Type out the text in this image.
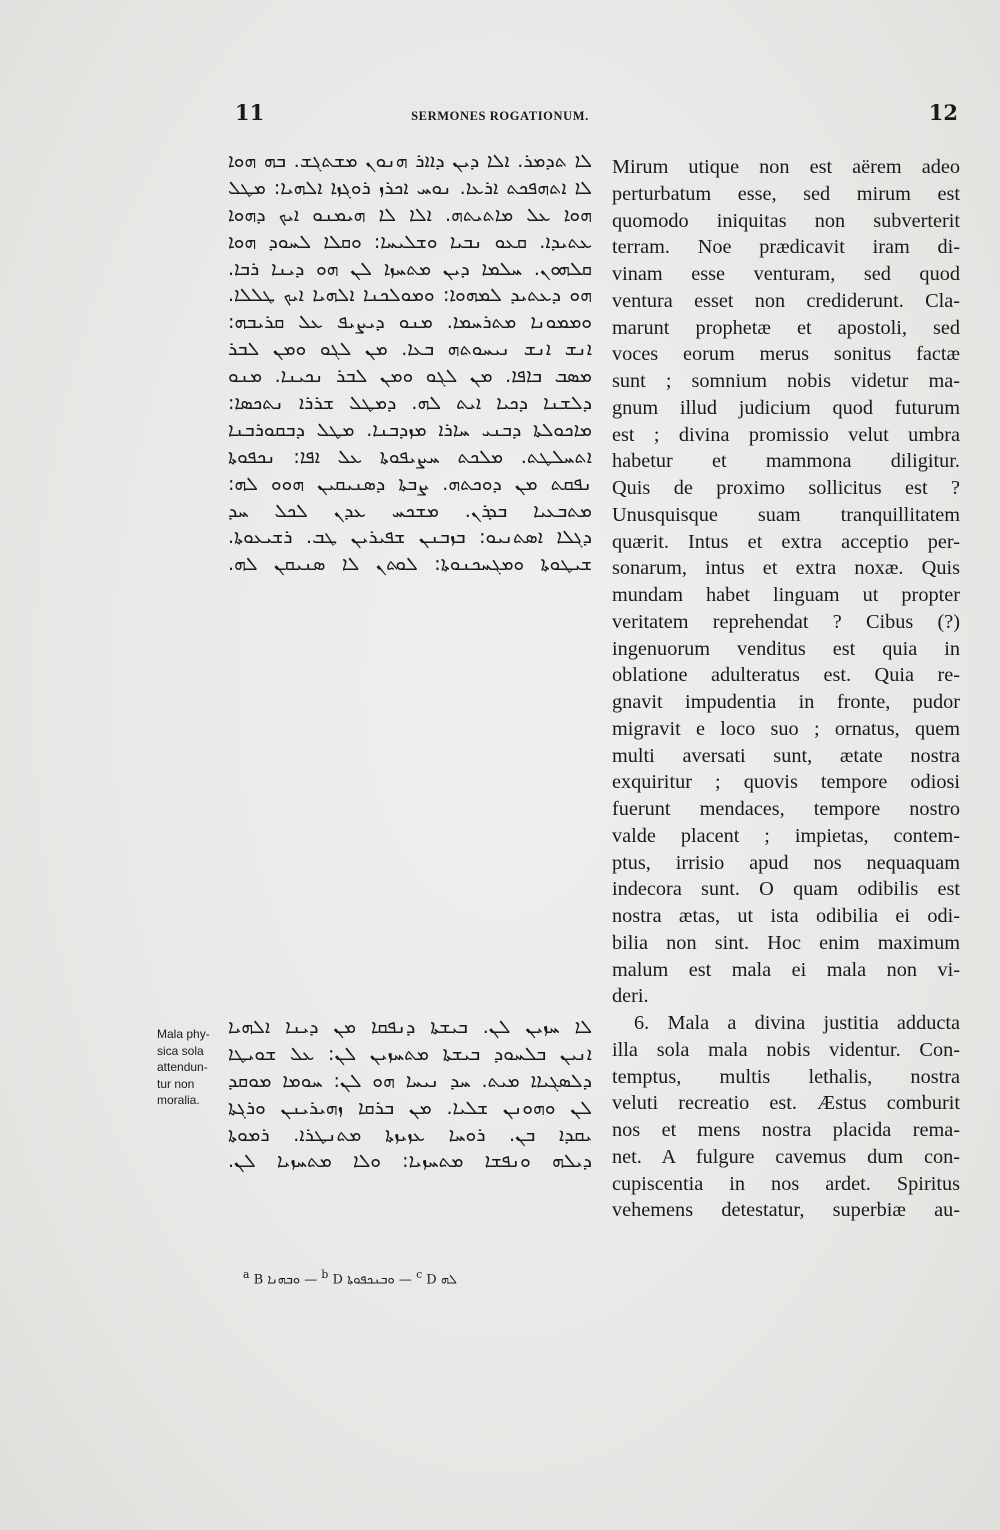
11	SERMONES ROGATIONUM.	12
ܠܐ ܬܕܡܪ. ܐܠܐ ܕܝܢ ܕܐܐܪ ܗܢܘܢ ܡܫܬܓܫ. ܒܗ ܗܘܐ
ܠܐ ܐܬܗܦܟܬ ܐܪܥܐ. ܢܘܚ ܐܟܪܙ ܪܘܓܙܐ ܐܠܗܝܐ: ܡܛܠ
ܗܘܐ ܥܠ ܡܐܬܝܬܗ. ܐܠܐ ܠܐ ܗܝܡܢܘ ܐܝܟ ܕܗܘܐ
ܥܬܝܕܐ. ܩܥܘ ܢܒܝܐ ܘܫܠܝܚܐ: ܘܩܠܐ ܠܚܘܕ ܗܘܐ
ܩܠܗܘܢ. ܚܠܡܐ ܕܝܢ ܡܬܚܙܐ ܠܢ ܗܘ ܕܝܢܐ ܪܒܐ.
ܗܘ ܕܥܬܝܕ ܠܡܗܘܐ: ܘܡܘܠܟܢܐ ܐܠܗܝܐ ܐܝܟ ܛܠܠܐ.
ܘܡܡܘܢܐ ܡܬܪܚܡܐ. ܡܢܘ ܕܝܨܝܦ ܥܠ ܩܪܝܒܗ:
ܐܢܫ ܐܢܫ ܢܝܚܘܬܗ ܒܥܐ. ܡܢ ܠܓܘ ܘܡܢ ܠܒܪ
ܡܣܒ ܒܐܦܐ. ܡܢ ܠܓܘ ܘܡܢ ܠܒܪ ܢܟܝܢܐ. ܡܢܘ
ܕܠܫܢܐ ܕܟܝܐ ܐܝܬ ܠܗ. ܕܡܛܠ ܫܪܪܐ ܢܬܟܣܐ:
ܡܐܟܘܠܬܐ ܕܒܢܝ ܚܐܪܐ ܡܙܕܒܢܐ. ܡܛܠ ܕܒܩܘܪܒܢܐ
ܐܬܚܠܛܬ. ܡܠܟܬ ܚܨܝܦܘܬܐ ܥܠ ܐܦܐ: ܢܟܦܘܬܐ
ܢܦܩܬ ܡܢ ܕܘܟܬܗ. ܨܒܬܐ ܕܣܢܝܩܝܢ ܗܘܘ ܠܗ:
ܡܬܒܥܝܐ ܒܕܪܢ. ܡܫܟܚ ܥܕܢ ܠܟܠ ܚܕ
ܕܓܠܐ ܐܣܬܢܝܘ: ܒܙܒܢܢ ܫܦܝܪܝܢ ܛܒ. ܪܫܝܥܘܬܐ.
ܫܝܛܘܬܐ ܘܡܓܚܟܢܘܬܐ: ܠܘܬܢ ܠܐ ܣܢܝܩܢ ܠܗ.
ܠܐ ܚܙܝܢ ܠܢ. ܒܝܫܬܐ ܕܢܦܩܐ ܡܢ ܕܝܢܐ ܐܠܗܝܐ
ܐܢܝܢ ܒܠܚܘܕ ܒܝܫܬܐ ܡܬܚܙܝܢ ܠܢ: ܥܠ ܫܘܝܛܐ
ܕܠܣܓܝܐܐ ܡܝܬ. ܚܕ ܢܝܚܐ ܗܘ ܠܢ: ܚܘܡܐ ܡܘܩܕ
ܠܢ ܘܗܘܢܢ ܫܠܝܐ. ܡܢ ܒܪܩܐ ܙܗܝܪܝܢܢ ܘܪܓܬܐ
ܝܩܕܐ ܒܢ. ܪܘܚܐ ܥܙܝܙܬܐ ܡܬܢܛܪܐ. ܪܡܘܬܐ
ܕܝܠܗ ܘܢܦܫܐ ܡܬܚܙܝܐ: ܘܠܐ ܡܬܚܙܝܐ ܠܢ.
Mala phy-
sica sola
attendun-
tur non
moralia.
Mirum utique non est aërem adeo
perturbatum esse, sed mirum est
quomodo iniquitas non subverterit
terram. Noe prædicavit iram di-
vinam esse venturam, sed quod
ventura esset non crediderunt. Cla-
marunt prophetæ et apostoli, sed
voces eorum merus sonitus factæ
sunt ; somnium nobis videtur ma-
gnum illud judicium quod futurum
est ; divina promissio velut umbra
habetur et mammona diligitur.
Quis de proximo sollicitus est ?
Unusquisque suam tranquillitatem
quærit. Intus et extra acceptio per-
sonarum, intus et extra noxæ. Quis
mundam habet linguam ut propter
veritatem reprehendat ? Cibus (?)
ingenuorum venditus est quia in
oblatione adulteratus est. Quia re-
gnavit impudentia in fronte, pudor
migravit e loco suo ; ornatus, quem
multi aversati sunt, ætate nostra
exquiritur ; quovis tempore odiosi
fuerunt mendaces, tempore nostro
valde placent ; impietas, contem-
ptus, irrisio apud nos nequaquam
indecora sunt. O quam odibilis est
nostra ætas, ut ista odibilia ei odi-
bilia non sint. Hoc enim maximum
malum est mala ei mala non vi-
deri.
6. Mala a divina justitia adducta
illa sola mala nobis videntur. Con-
temptus, multis lethalis, nostra
veluti recreatio est. Æstus comburit
nos et mens nostra placida rema-
net. A fulgure cavemus dum con-
cupiscentia in nos ardet. Spiritus
vehemens detestatur, superbiæ au-
$^a$ B ܘܒܗܢܐ — $^b$ D ܘܒܢܟܦܘܬܐ — $^c$ D ܠܗ
